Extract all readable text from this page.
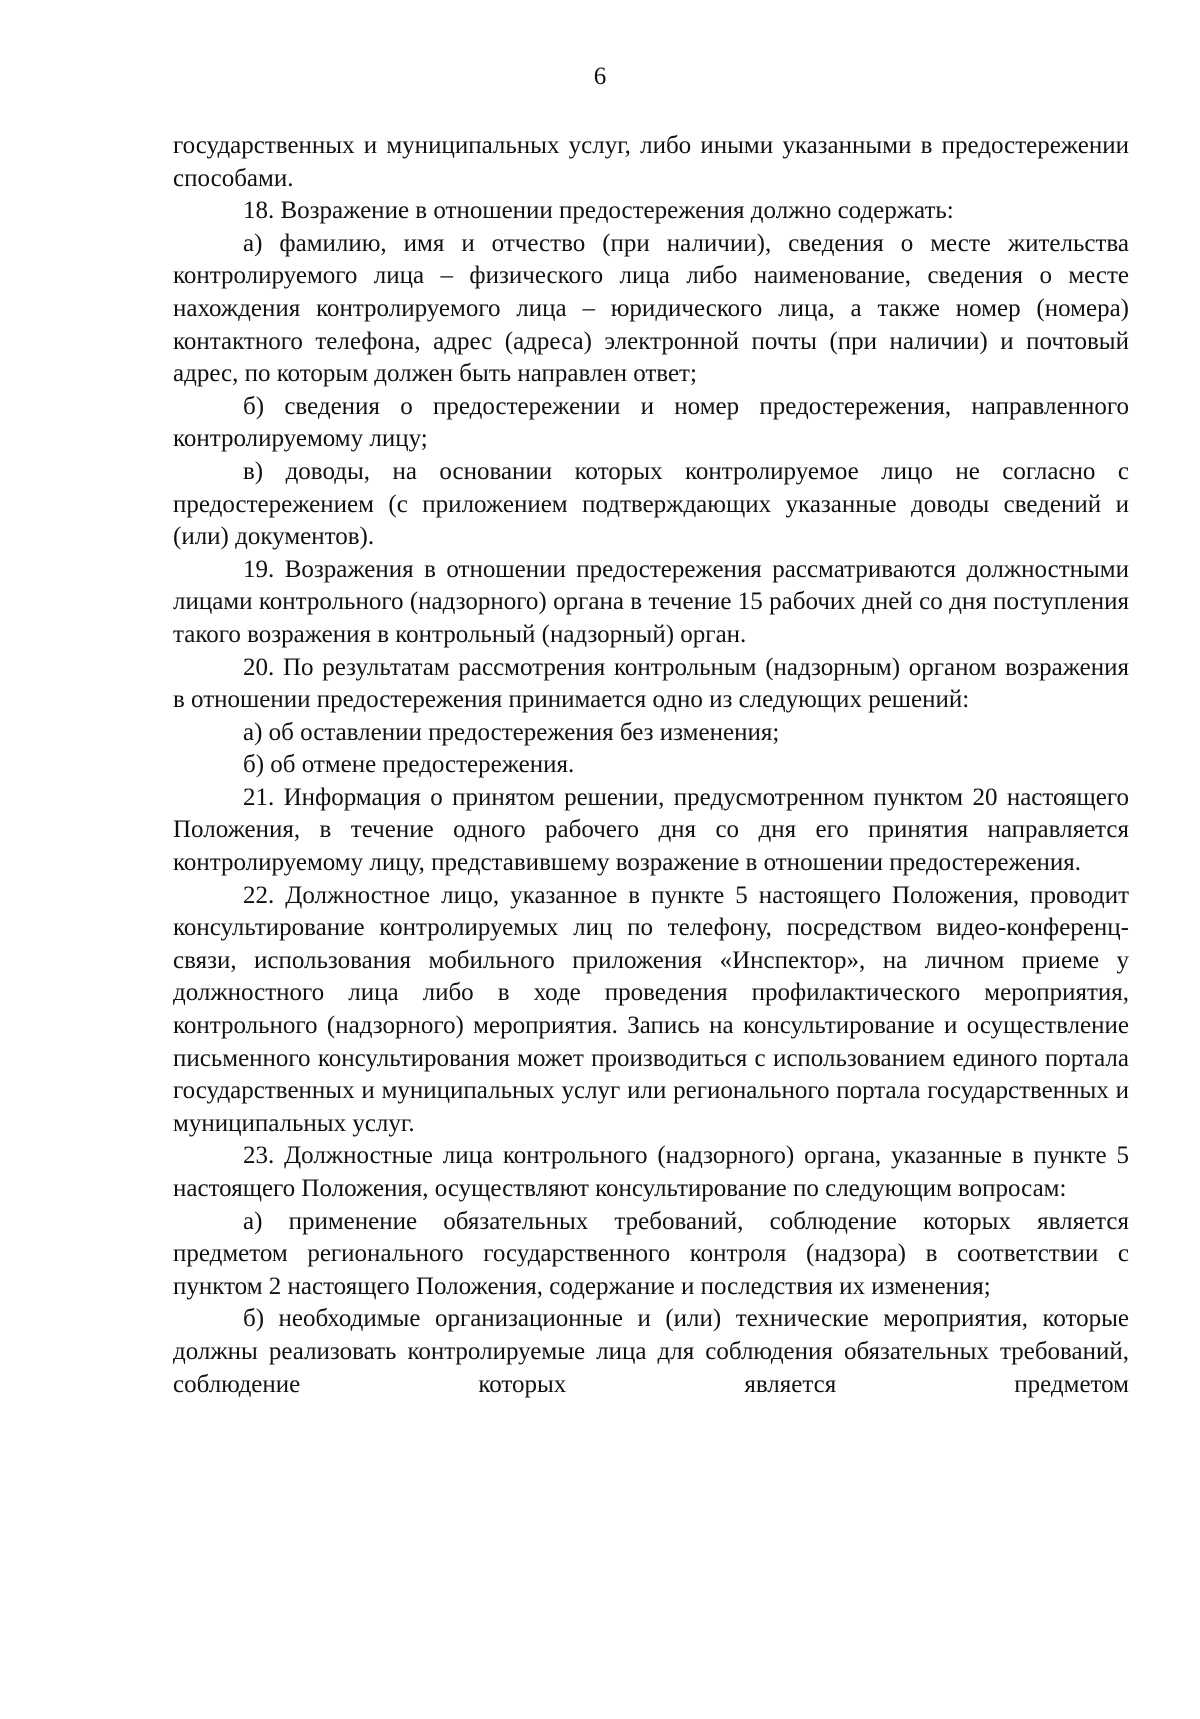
6

государственных и муниципальных услуг, либо иными указанными в предостережении способами.

18. Возражение в отношении предостережения должно содержать:

а) фамилию, имя и отчество (при наличии), сведения о месте жительства контролируемого лица – физического лица либо наименование, сведения о месте нахождения контролируемого лица – юридического лица, а также номер (номера) контактного телефона, адрес (адреса) электронной почты (при наличии) и почтовый адрес, по которым должен быть направлен ответ;

б) сведения о предостережении и номер предостережения, направленного контролируемому лицу;

в) доводы, на основании которых контролируемое лицо не согласно с предостережением (с приложением подтверждающих указанные доводы сведений и (или) документов).

19. Возражения в отношении предостережения рассматриваются должностными лицами контрольного (надзорного) органа в течение 15 рабочих дней со дня поступления такого возражения в контрольный (надзорный) орган.

20. По результатам рассмотрения контрольным (надзорным) органом возражения в отношении предостережения принимается одно из следующих решений:

а) об оставлении предостережения без изменения;

б) об отмене предостережения.

21. Информация о принятом решении, предусмотренном пунктом 20 настоящего Положения, в течение одного рабочего дня со дня его принятия направляется контролируемому лицу, представившему возражение в отношении предостережения.

22. Должностное лицо, указанное в пункте 5 настоящего Положения, проводит консультирование контролируемых лиц по телефону, посредством видео-конференц-связи, использования мобильного приложения «Инспектор», на личном приеме у должностного лица либо в ходе проведения профилактического мероприятия, контрольного (надзорного) мероприятия. Запись на консультирование и осуществление письменного консультирования может производиться с использованием единого портала государственных и муниципальных услуг или регионального портала государственных и муниципальных услуг.

23. Должностные лица контрольного (надзорного) органа, указанные в пункте 5 настоящего Положения, осуществляют консультирование по следующим вопросам:

а) применение обязательных требований, соблюдение которых является предметом регионального государственного контроля (надзора) в соответствии с пунктом 2 настоящего Положения, содержание и последствия их изменения;

б) необходимые организационные и (или) технические мероприятия, которые должны реализовать контролируемые лица для соблюдения обязательных требований, соблюдение которых является предметом
